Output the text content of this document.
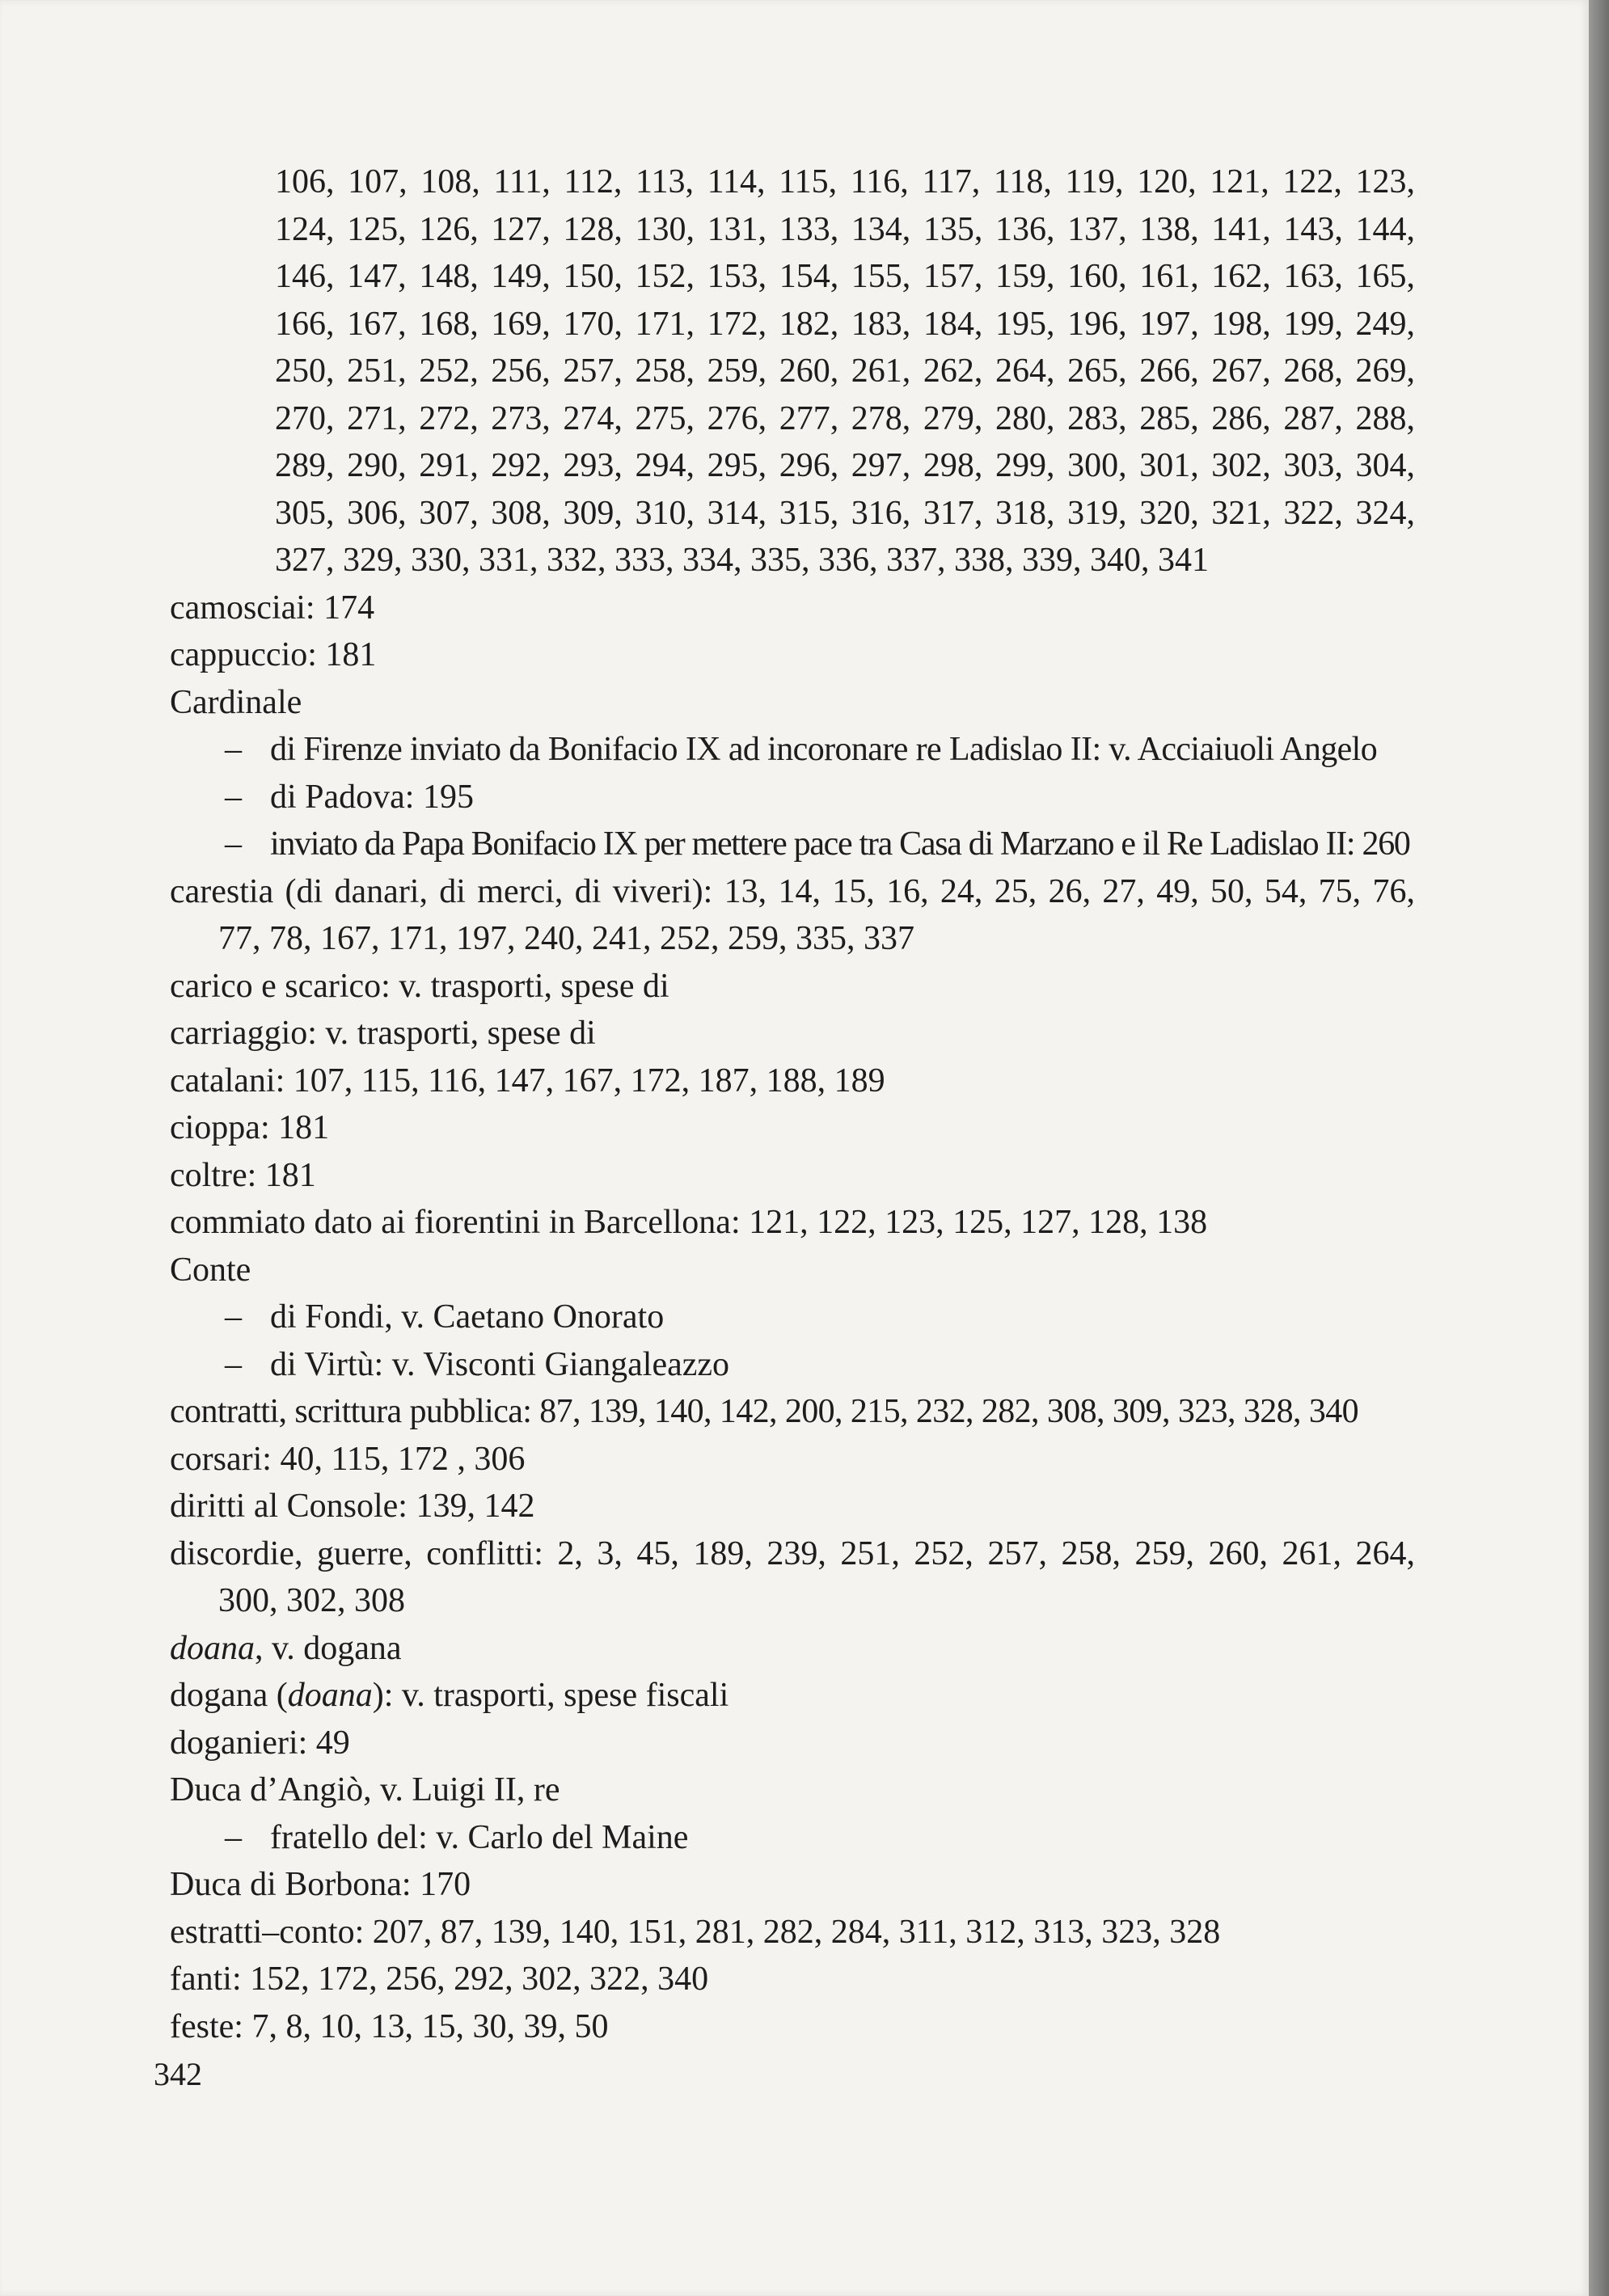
106, 107, 108, 111, 112, 113, 114, 115, 116, 117, 118, 119, 120, 121, 122, 123,
124, 125, 126, 127, 128, 130, 131, 133, 134, 135, 136, 137, 138, 141, 143, 144,
146, 147, 148, 149, 150, 152, 153, 154, 155, 157, 159, 160, 161, 162, 163, 165,
166, 167, 168, 169, 170, 171, 172, 182, 183, 184, 195, 196, 197, 198, 199, 249,
250, 251, 252, 256, 257, 258, 259, 260, 261, 262, 264, 265, 266, 267, 268, 269,
270, 271, 272, 273, 274, 275, 276, 277, 278, 279, 280, 283, 285, 286, 287, 288,
289, 290, 291, 292, 293, 294, 295, 296, 297, 298, 299, 300, 301, 302, 303, 304,
305, 306, 307, 308, 309, 310, 314, 315, 316, 317, 318, 319, 320, 321, 322, 324,
327, 329, 330, 331, 332, 333, 334, 335, 336, 337, 338, 339, 340, 341
camosciai: 174
cappuccio: 181
Cardinale
– di Firenze inviato da Bonifacio IX ad incoronare re Ladislao II: v. Acciaiuoli Angelo
– di Padova: 195
– inviato da Papa Bonifacio IX per mettere pace tra Casa di Marzano e il Re Ladislao II: 260
carestia (di danari, di merci, di viveri): 13, 14, 15, 16, 24, 25, 26, 27, 49, 50, 54, 75, 76,
77, 78, 167, 171, 197, 240, 241, 252, 259, 335, 337
carico e scarico: v. trasporti, spese di
carriaggio: v. trasporti, spese di
catalani: 107, 115, 116, 147, 167, 172, 187, 188, 189
cioppa: 181
coltre: 181
commiato dato ai fiorentini in Barcellona: 121, 122, 123, 125, 127, 128, 138
Conte
– di Fondi, v. Caetano Onorato
– di Virtù: v. Visconti Giangaleazzo
contratti, scrittura pubblica: 87, 139, 140, 142, 200, 215, 232, 282, 308, 309, 323, 328, 340
corsari: 40, 115, 172 , 306
diritti al Console: 139, 142
discordie, guerre, conflitti: 2, 3, 45, 189, 239, 251, 252, 257, 258, 259, 260, 261, 264,
300, 302, 308
doana, v. dogana
dogana (doana): v. trasporti, spese fiscali
doganieri: 49
Duca d’Angiò, v. Luigi II, re
– fratello del: v. Carlo del Maine
Duca di Borbona: 170
estratti–conto: 207, 87, 139, 140, 151, 281, 282, 284, 311, 312, 313, 323, 328
fanti: 152, 172, 256, 292, 302, 322, 340
feste: 7, 8, 10, 13, 15, 30, 39, 50
342
